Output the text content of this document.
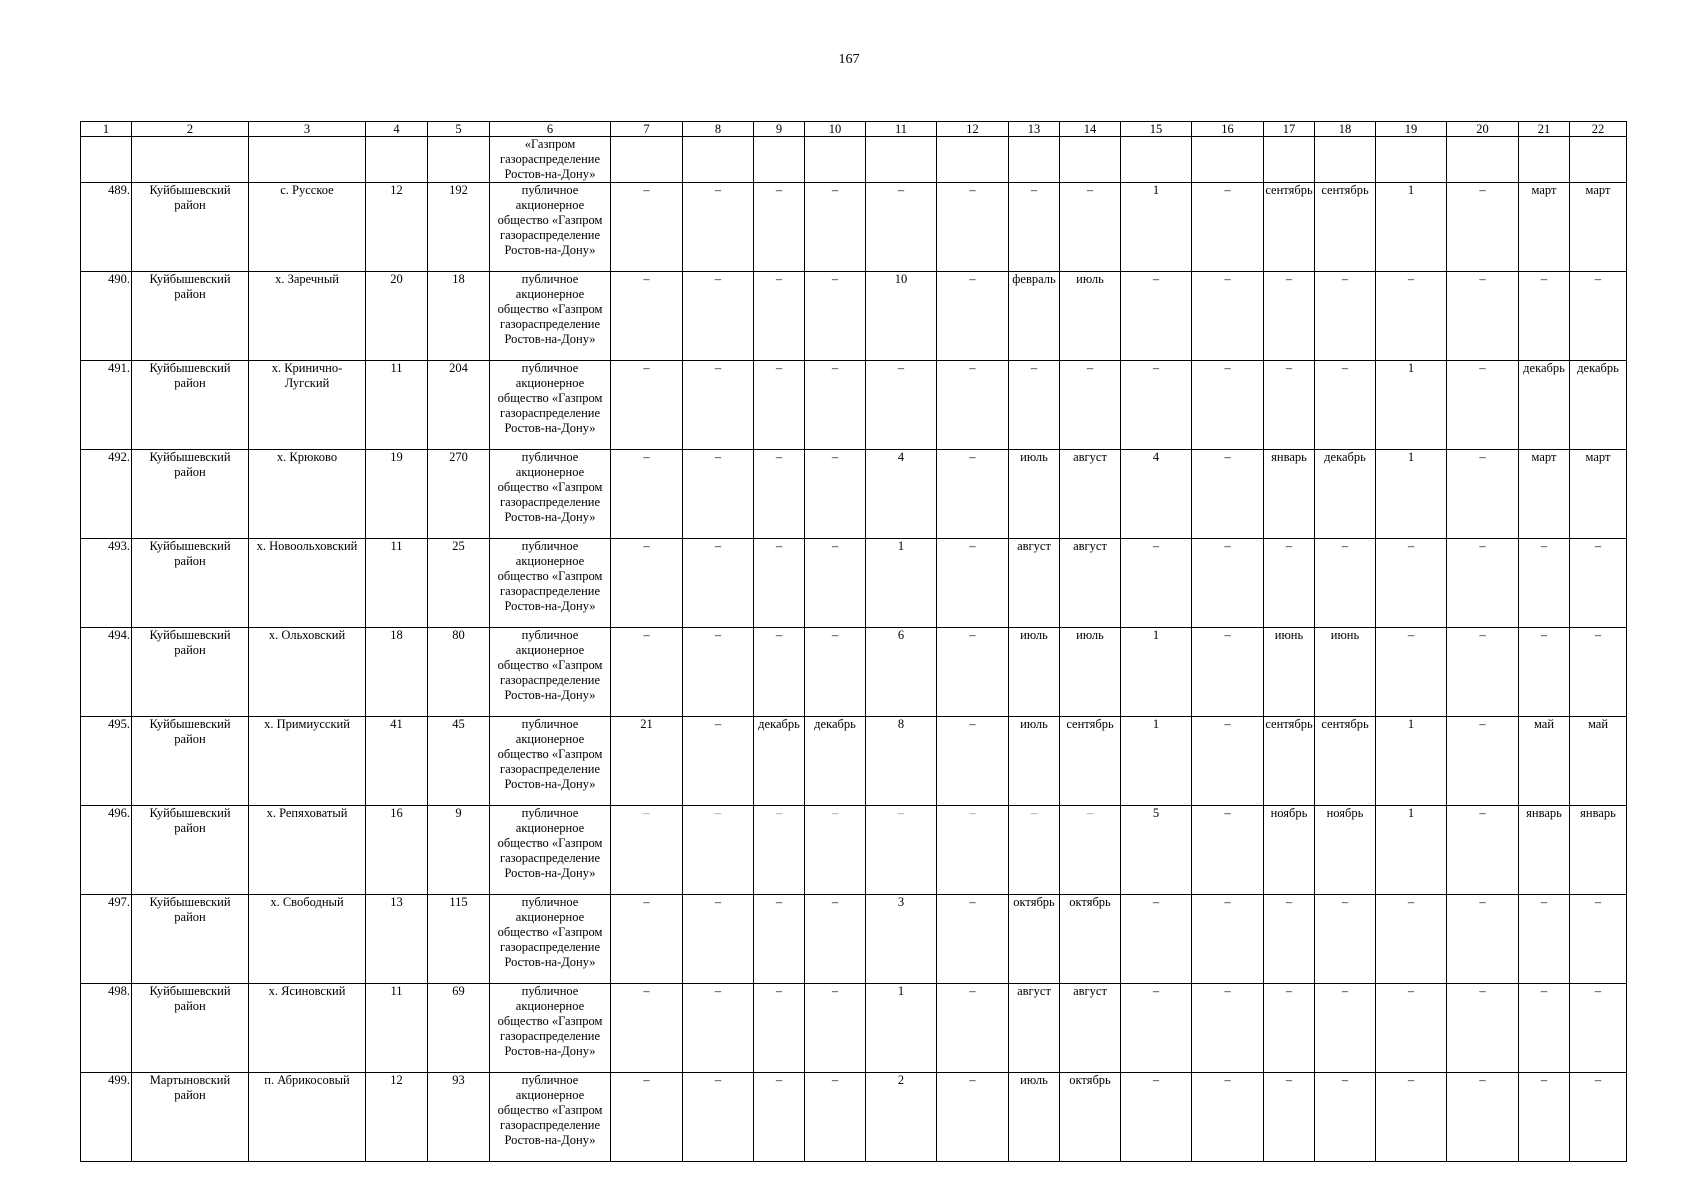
167
1	2	3	4	5	6	7	8	9	10	11	12	13	14	15	16	17	18	19	20	21	22
					«Газпром газораспределение Ростов-на-Дону»																
489.	Куйбышевский район	с. Русское	12	192	публичное акционерное общество «Газпром газораспределение Ростов-на-Дону»	–	–	–	–	–	–	–	–	1	–	сентябрь	сентябрь	1	–	март	март
490.	Куйбышевский район	х. Заречный	20	18	публичное акционерное общество «Газпром газораспределение Ростов-на-Дону»	–	–	–	–	10	–	февраль	июль	–	–	–	–	–	–	–	–
491.	Куйбышевский район	х. Кринично-Лугский	11	204	публичное акционерное общество «Газпром газораспределение Ростов-на-Дону»	–	–	–	–	–	–	–	–	–	–	–	–	1	–	декабрь	декабрь
492.	Куйбышевский район	х. Крюково	19	270	публичное акционерное общество «Газпром газораспределение Ростов-на-Дону»	–	–	–	–	4	–	июль	август	4	–	январь	декабрь	1	–	март	март
493.	Куйбышевский район	х. Новоольховский	11	25	публичное акционерное общество «Газпром газораспределение Ростов-на-Дону»	–	–	–	–	1	–	август	август	–	–	–	–	–	–	–	–
494.	Куйбышевский район	х. Ольховский	18	80	публичное акционерное общество «Газпром газораспределение Ростов-на-Дону»	–	–	–	–	6	–	июль	июль	1	–	июнь	июнь	–	–	–	–
495.	Куйбышевский район	х. Примиусский	41	45	публичное акционерное общество «Газпром газораспределение Ростов-на-Дону»	21	–	декабрь	декабрь	8	–	июль	сентябрь	1	–	сентябрь	сентябрь	1	–	май	май
496.	Куйбышевский район	х. Репяховатый	16	9	публичное акционерное общество «Газпром газораспределение Ростов-на-Дону»	–	–	–	–	–	–	–	–	5	–	ноябрь	ноябрь	1	–	январь	январь
497.	Куйбышевский район	х. Свободный	13	115	публичное акционерное общество «Газпром газораспределение Ростов-на-Дону»	–	–	–	–	3	–	октябрь	октябрь	–	–	–	–	–	–	–	–
498.	Куйбышевский район	х. Ясиновский	11	69	публичное акционерное общество «Газпром газораспределение Ростов-на-Дону»	–	–	–	–	1	–	август	август	–	–	–	–	–	–	–	–
499.	Мартыновский район	п. Абрикосовый	12	93	публичное акционерное общество «Газпром газораспределение Ростов-на-Дону»	–	–	–	–	2	–	июль	октябрь	–	–	–	–	–	–	–	–
